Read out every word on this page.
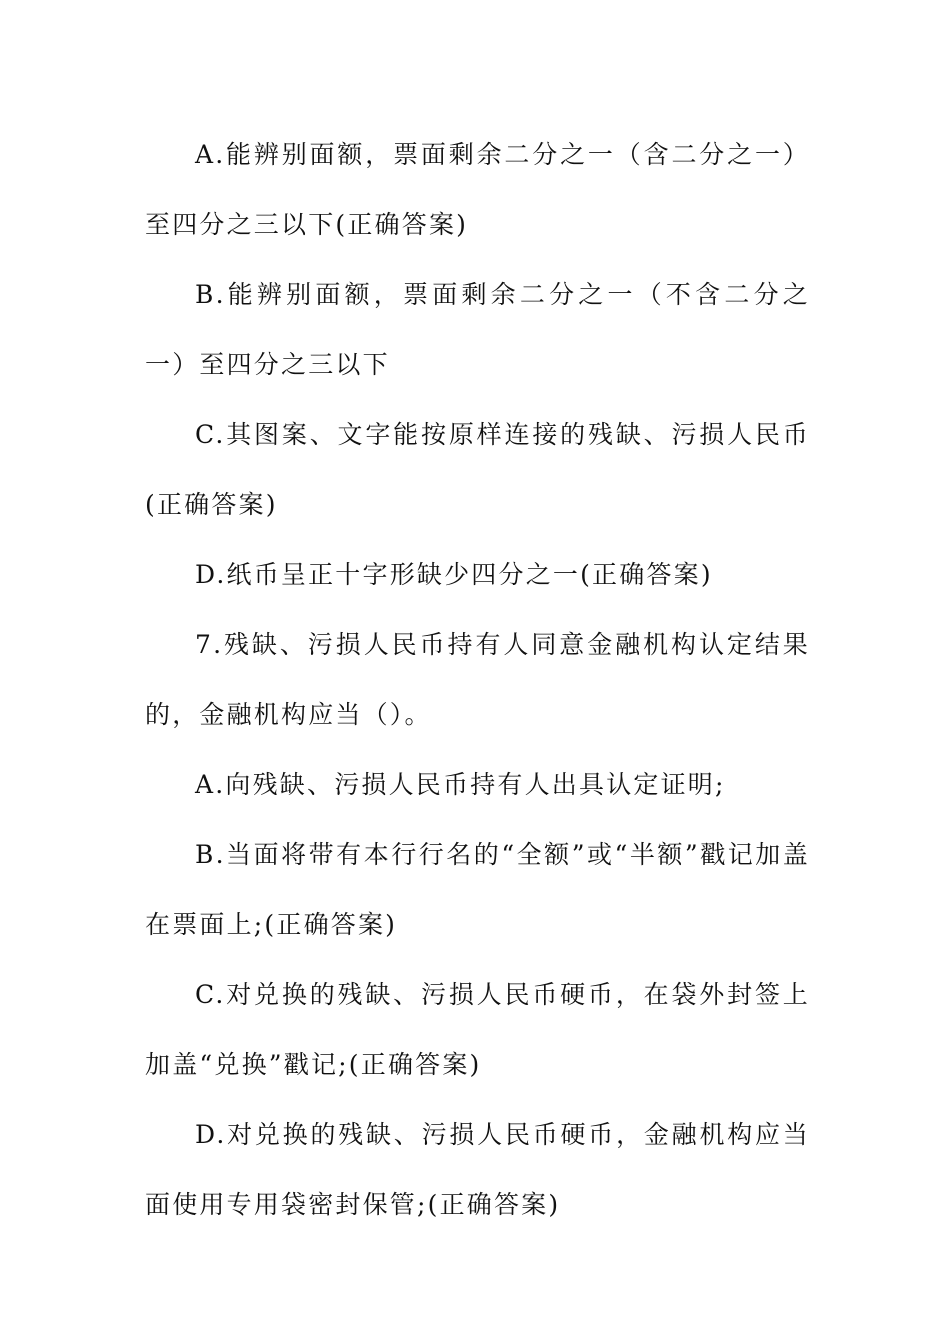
A.能辨别面额，票面剩余二分之一（含二分之一）至四分之三以下(正确答案)

B.能辨别面额，票面剩余二分之一（不含二分之一）至四分之三以下

C.其图案、文字能按原样连接的残缺、污损人民币(正确答案)

D.纸币呈正十字形缺少四分之一(正确答案)

7.残缺、污损人民币持有人同意金融机构认定结果的，金融机构应当（）。

A.向残缺、污损人民币持有人出具认定证明;

B.当面将带有本行行名的“全额”或“半额”戳记加盖在票面上;(正确答案)

C.对兑换的残缺、污损人民币硬币，在袋外封签上加盖“兑换”戳记;(正确答案)

D.对兑换的残缺、污损人民币硬币，金融机构应当面使用专用袋密封保管;(正确答案)
